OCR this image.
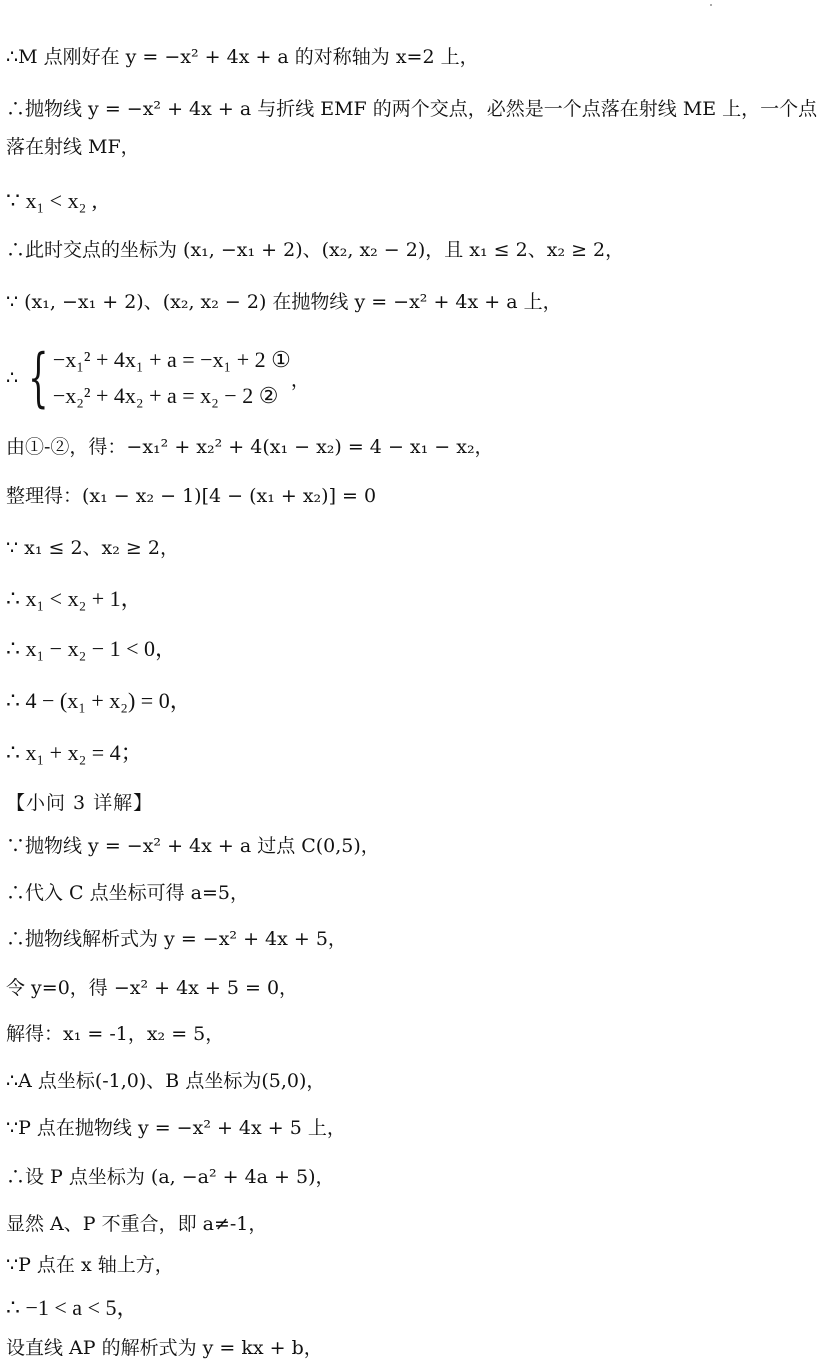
∴M 点刚好在 y = −x² + 4x + a 的对称轴为 x=2 上，
∴抛物线 y = −x² + 4x + a 与折线 EMF 的两个交点，必然是一个点落在射线 ME 上，一个点落在射线 MF，
∵ x₁ < x₂ ,
∴此时交点的坐标为 (x₁, −x₁ + 2)、(x₂, x₂ − 2)，且 x₁ ≤ 2、x₂ ≥ 2，
∵ (x₁, −x₁ + 2)、(x₂, x₂ − 2) 在抛物线 y = −x² + 4x + a 上，
∴ { −x₁² + 4x₁ + a = −x₁ + 2 ①
−x₂² + 4x₂ + a = x₂ − 2 ②
，
由①-②，得：−x₁² + x₂² + 4(x₁ − x₂) = 4 − x₁ − x₂，
整理得：(x₁ − x₂ − 1)[4 − (x₁ + x₂)] = 0
∵ x₁ ≤ 2、x₂ ≥ 2，
∴ x₁ < x₂ + 1，
∴ x₁ − x₂ − 1 < 0，
∴ 4 − (x₁ + x₂) = 0，
∴ x₁ + x₂ = 4；
【小问 3 详解】
∵抛物线 y = −x² + 4x + a 过点 C(0,5)，
∴代入 C 点坐标可得 a=5，
∴抛物线解析式为 y = −x² + 4x + 5，
令 y=0，得 −x² + 4x + 5 = 0，
解得：x₁ = -1，x₂ = 5，
∴A 点坐标(-1,0)、B 点坐标为(5,0)，
∵P 点在抛物线 y = −x² + 4x + 5 上，
∴设 P 点坐标为 (a, −a² + 4a + 5)，
显然 A、P 不重合，即 a≠-1，
∵P 点在 x 轴上方，
∴ −1 < a < 5，
设直线 AP 的解析式为 y = kx + b，
